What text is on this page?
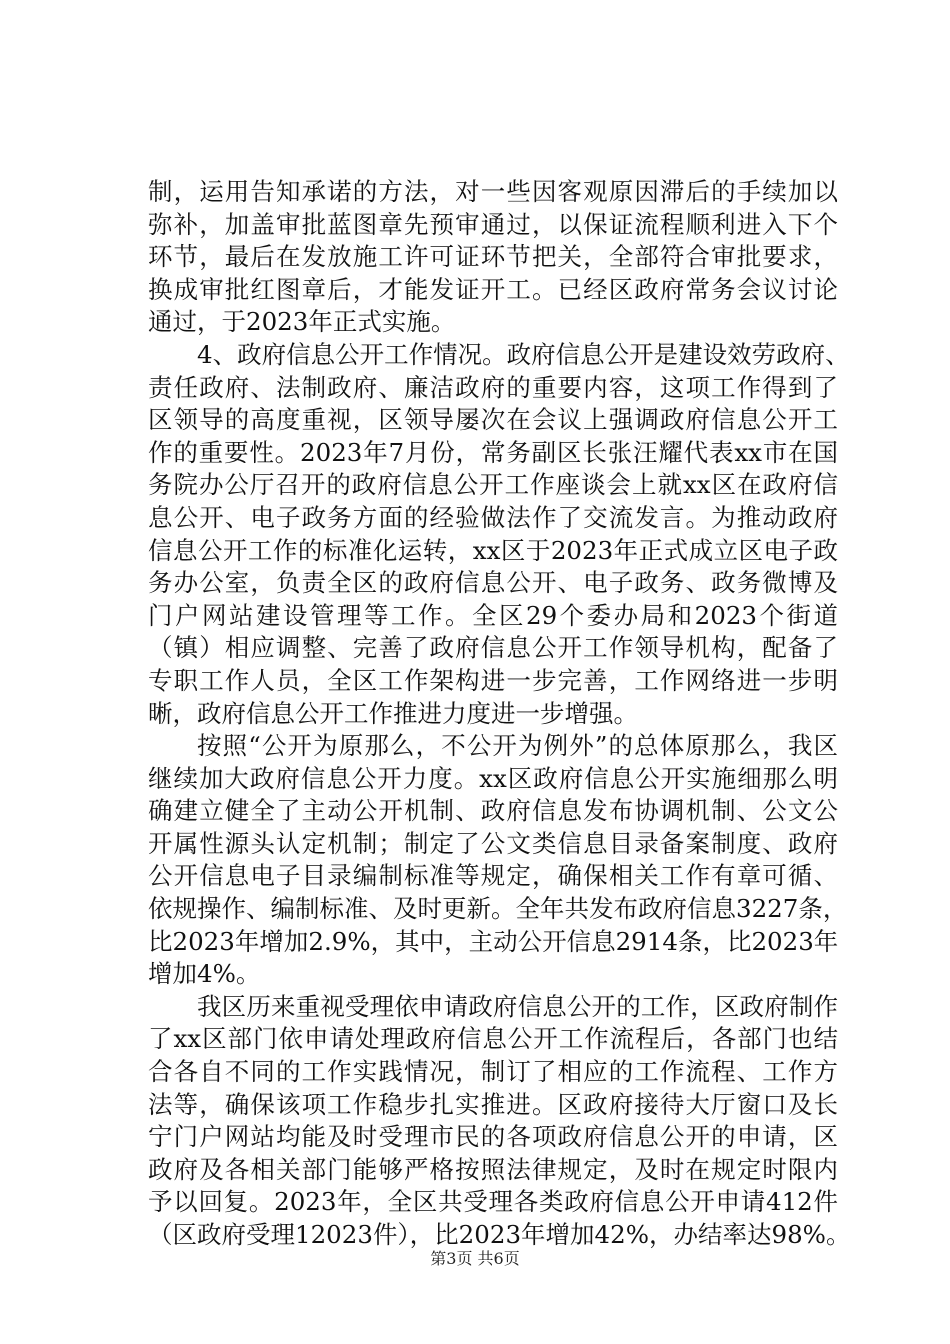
制，运用告知承诺的方法，对一些因客观原因滞后的手续加以
弥补，加盖审批蓝图章先预审通过，以保证流程顺利进入下个
环节，最后在发放施工许可证环节把关，全部符合审批要求，
换成审批红图章后，才能发证开工。已经区政府常务会议讨论
通过，于2023年正式实施。
4、政府信息公开工作情况。政府信息公开是建设效劳政府、
责任政府、法制政府、廉洁政府的重要内容，这项工作得到了
区领导的高度重视，区领导屡次在会议上强调政府信息公开工
作的重要性。2023年7月份，常务副区长张汪耀代表xx市在国
务院办公厅召开的政府信息公开工作座谈会上就xx区在政府信
息公开、电子政务方面的经验做法作了交流发言。为推动政府
信息公开工作的标准化运转，xx区于2023年正式成立区电子政
务办公室，负责全区的政府信息公开、电子政务、政务微博及
门户网站建设管理等工作。全区29个委办局和2023个街道
（镇）相应调整、完善了政府信息公开工作领导机构，配备了
专职工作人员，全区工作架构进一步完善，工作网络进一步明
晰，政府信息公开工作推进力度进一步增强。
按照“公开为原那么，不公开为例外”的总体原那么，我区
继续加大政府信息公开力度。xx区政府信息公开实施细那么明
确建立健全了主动公开机制、政府信息发布协调机制、公文公
开属性源头认定机制；制定了公文类信息目录备案制度、政府
公开信息电子目录编制标准等规定，确保相关工作有章可循、
依规操作、编制标准、及时更新。全年共发布政府信息3227条，
比2023年增加2.9%，其中，主动公开信息2914条，比2023年
增加4%。
我区历来重视受理依申请政府信息公开的工作，区政府制作
了xx区部门依申请处理政府信息公开工作流程后，各部门也结
合各自不同的工作实践情况，制订了相应的工作流程、工作方
法等，确保该项工作稳步扎实推进。区政府接待大厅窗口及长
宁门户网站均能及时受理市民的各项政府信息公开的申请，区
政府及各相关部门能够严格按照法律规定，及时在规定时限内
予以回复。2023年，全区共受理各类政府信息公开申请412件
（区政府受理12023件），比2023年增加42%，办结率达98%。
第3页 共6页
